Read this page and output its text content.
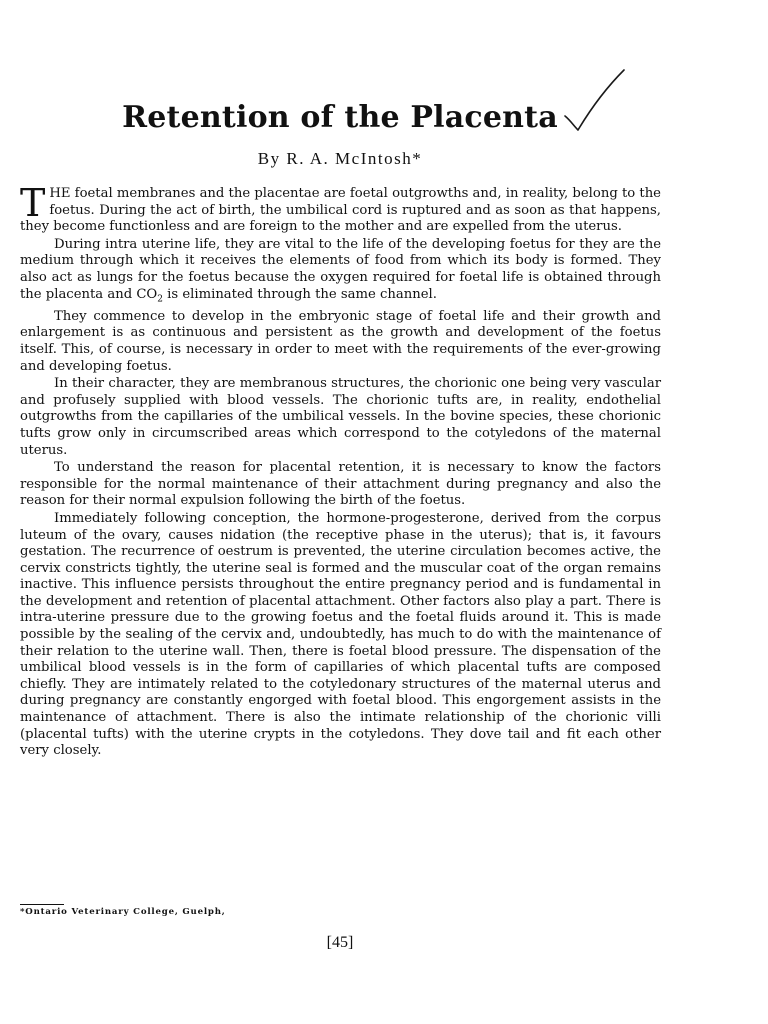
Retention of the Placenta
By R. A. McIntosh*

THE foetal membranes and the placentae are foetal outgrowths and, in reality, belong to the foetus. During the act of birth, the umbilical cord is ruptured and as soon as that happens, they become functionless and are foreign to the mother and are expelled from the uterus.

During intra uterine life, they are vital to the life of the developing foetus for they are the medium through which it receives the elements of food from which its body is formed. They also act as lungs for the foetus because the oxygen required for foetal life is obtained through the placenta and $CO_2$ is eliminated through the same channel.

They commence to develop in the embryonic stage of foetal life and their growth and enlargement is as continuous and persistent as the growth and development of the foetus itself. This, of course, is necessary in order to meet with the requirements of the ever-growing and developing foetus.

In their character, they are membranous structures, the chorionic one being very vascular and profusely supplied with blood vessels. The chorionic tufts are, in reality, endothelial outgrowths from the capillaries of the umbilical vessels. In the bovine species, these chorionic tufts grow only in circumscribed areas which correspond to the cotyledons of the maternal uterus.

To understand the reason for placental retention, it is necessary to know the factors responsible for the normal maintenance of their attachment during pregnancy and also the reason for their normal expulsion following the birth of the foetus.

Immediately following conception, the hormone-progesterone, derived from the corpus luteum of the ovary, causes nidation (the receptive phase in the uterus); that is, it favours gestation. The recurrence of oestrum is prevented, the uterine circulation becomes active, the cervix constricts tightly, the uterine seal is formed and the muscular coat of the organ remains inactive. This influence persists throughout the entire pregnancy period and is fundamental in the development and retention of placental attachment. Other factors also play a part. There is intra-uterine pressure due to the growing foetus and the foetal fluids around it. This is made possible by the sealing of the cervix and, undoubtedly, has much to do with the maintenance of their relation to the uterine wall. Then, there is foetal blood pressure. The dispensation of the umbilical blood vessels is in the form of capillaries of which placental tufts are composed chiefly. They are intimately related to the cotyledonary structures of the maternal uterus and during pregnancy are constantly engorged with foetal blood. This engorgement assists in the maintenance of attachment. There is also the intimate relationship of the chorionic villi (placental tufts) with the uterine crypts in the cotyledons. They dove tail and fit each other very closely.

*Ontario Veterinary College, Guelph,
[45]
